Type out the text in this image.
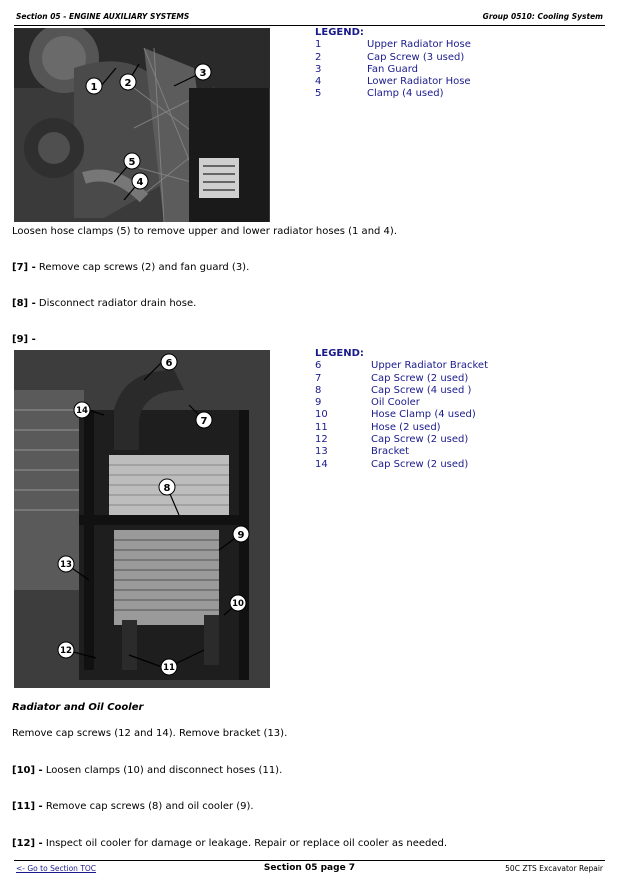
Section 05 - ENGINE AUXILIARY SYSTEMS	Group 0510: Cooling System
1	2
3
5
4
LEGEND:
1	Upper Radiator Hose
2	Cap Screw (3 used)
3	Fan Guard
4	Lower Radiator Hose
5	Clamp (4 used)
Loosen hose clamps (5) to remove upper and lower radiator hoses (1 and 4).
[7] - Remove cap screws (2) and fan guard (3).
[8] - Disconnect radiator drain hose.
[9] -
6
14
7
8
9
13
10
12
11
LEGEND:
6	Upper Radiator Bracket
7	Cap Screw (2 used)
8	Cap Screw (4 used )
9	Oil Cooler
10	Hose Clamp (4 used)
11	Hose (2 used)
12	Cap Screw (2 used)
13	Bracket
14	Cap Screw (2 used)
Radiator and Oil Cooler
Remove cap screws (12 and 14). Remove bracket (13).
[10] - Loosen clamps (10) and disconnect hoses (11).
[11] - Remove cap screws (8) and oil cooler (9).
[12] - Inspect oil cooler for damage or leakage. Repair or replace oil cooler as needed.
<- Go to Section TOC	Section 05 page 7	50C ZTS Excavator Repair
